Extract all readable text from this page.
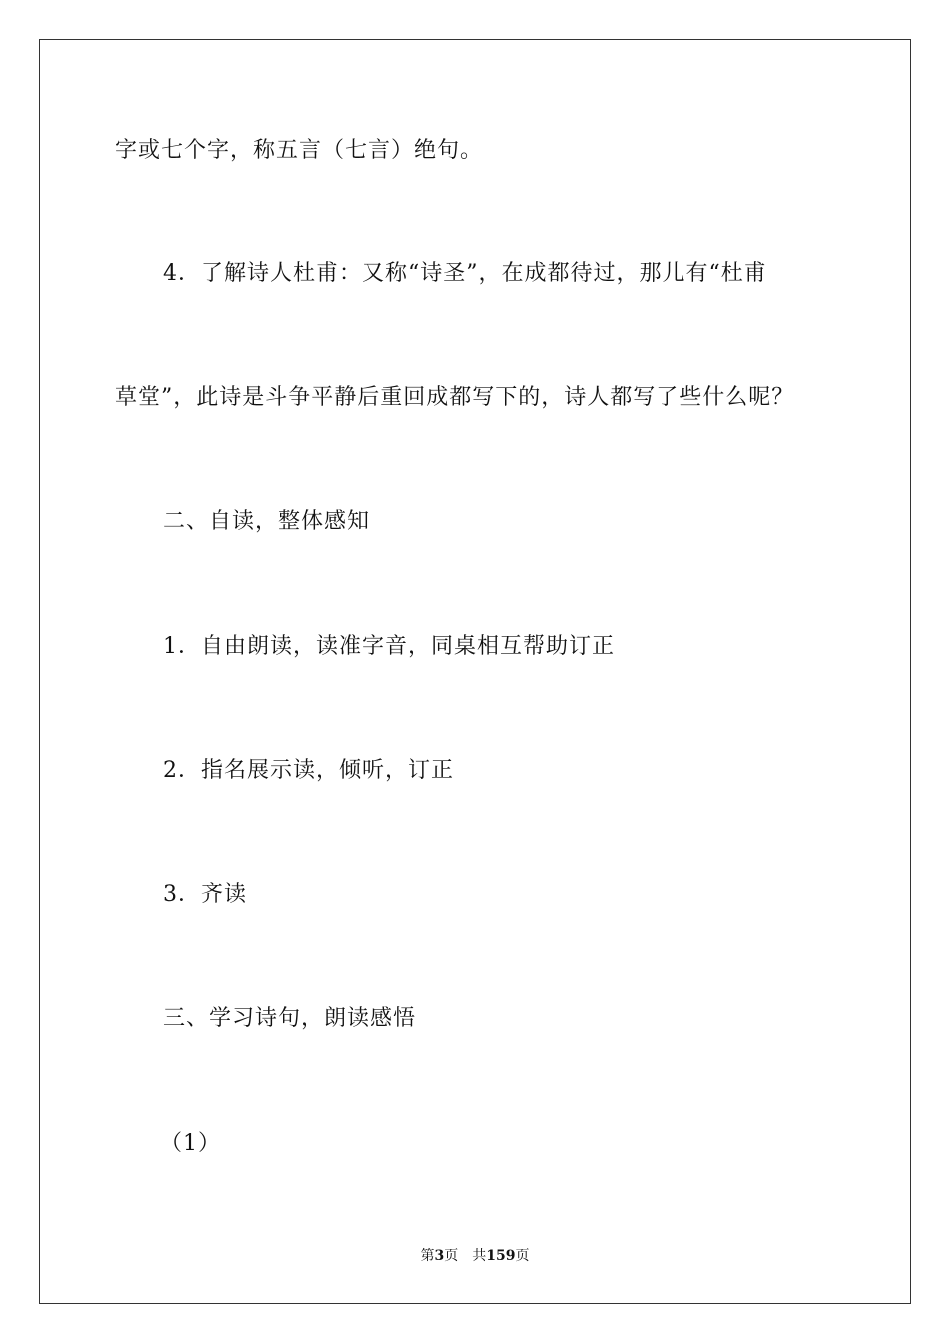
字或七个字，称五言（七言）绝句。
4．了解诗人杜甫：又称“诗圣”，在成都待过，那儿有“杜甫
草堂”，此诗是斗争平静后重回成都写下的，诗人都写了些什么呢？
二、自读，整体感知
1．自由朗读，读准字音，同桌相互帮助订正
2．指名展示读，倾听，订正
3．齐读
三、学习诗句，朗读感悟
（1）
第3页 共159页
